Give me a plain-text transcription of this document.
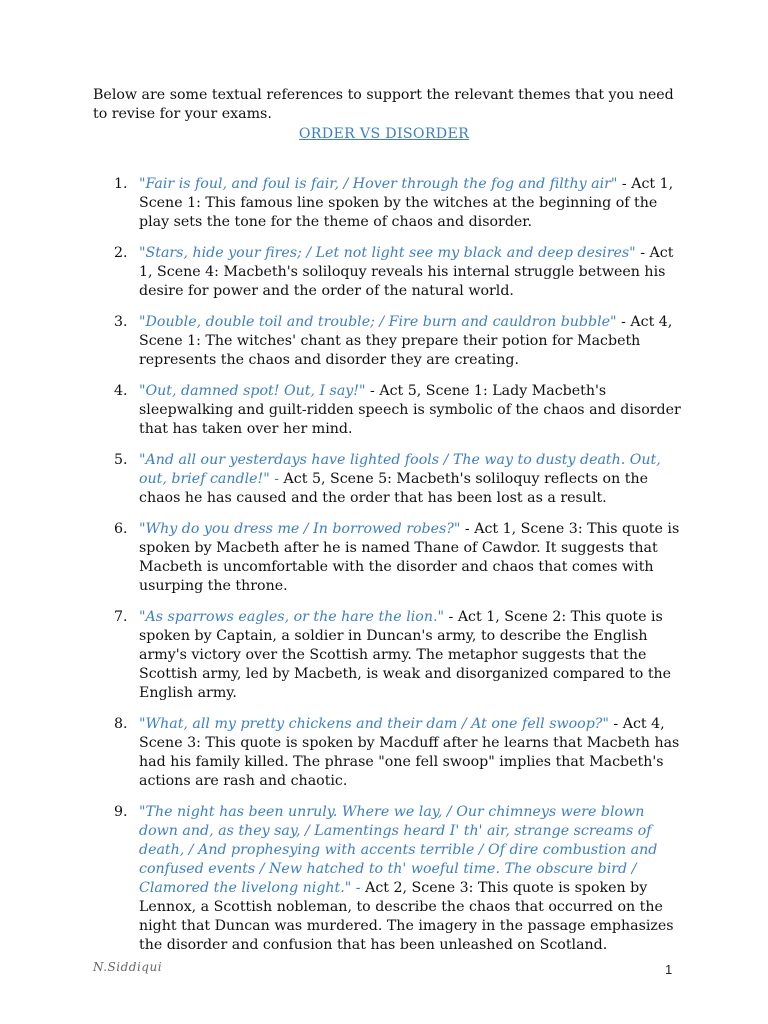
Below are some textual references to support the relevant themes that you need to revise for your exams.
ORDER VS DISORDER
1. "Fair is foul, and foul is fair, / Hover through the fog and filthy air" - Act 1, Scene 1: This famous line spoken by the witches at the beginning of the play sets the tone for the theme of chaos and disorder.
2. "Stars, hide your fires; / Let not light see my black and deep desires" - Act 1, Scene 4: Macbeth's soliloquy reveals his internal struggle between his desire for power and the order of the natural world.
3. "Double, double toil and trouble; / Fire burn and cauldron bubble" - Act 4, Scene 1: The witches' chant as they prepare their potion for Macbeth represents the chaos and disorder they are creating.
4. "Out, damned spot! Out, I say!" - Act 5, Scene 1: Lady Macbeth's sleepwalking and guilt-ridden speech is symbolic of the chaos and disorder that has taken over her mind.
5. "And all our yesterdays have lighted fools / The way to dusty death. Out, out, brief candle!" - Act 5, Scene 5: Macbeth's soliloquy reflects on the chaos he has caused and the order that has been lost as a result.
6. "Why do you dress me / In borrowed robes?" - Act 1, Scene 3: This quote is spoken by Macbeth after he is named Thane of Cawdor. It suggests that Macbeth is uncomfortable with the disorder and chaos that comes with usurping the throne.
7. "As sparrows eagles, or the hare the lion." - Act 1, Scene 2: This quote is spoken by Captain, a soldier in Duncan's army, to describe the English army's victory over the Scottish army. The metaphor suggests that the Scottish army, led by Macbeth, is weak and disorganized compared to the English army.
8. "What, all my pretty chickens and their dam / At one fell swoop?" - Act 4, Scene 3: This quote is spoken by Macduff after he learns that Macbeth has had his family killed. The phrase "one fell swoop" implies that Macbeth's actions are rash and chaotic.
9. "The night has been unruly. Where we lay, / Our chimneys were blown down and, as they say, / Lamentings heard I' th' air, strange screams of death, / And prophesying with accents terrible / Of dire combustion and confused events / New hatched to th' woeful time. The obscure bird / Clamored the livelong night." - Act 2, Scene 3: This quote is spoken by Lennox, a Scottish nobleman, to describe the chaos that occurred on the night that Duncan was murdered. The imagery in the passage emphasizes the disorder and confusion that has been unleashed on Scotland.
N.Siddiqui	1
